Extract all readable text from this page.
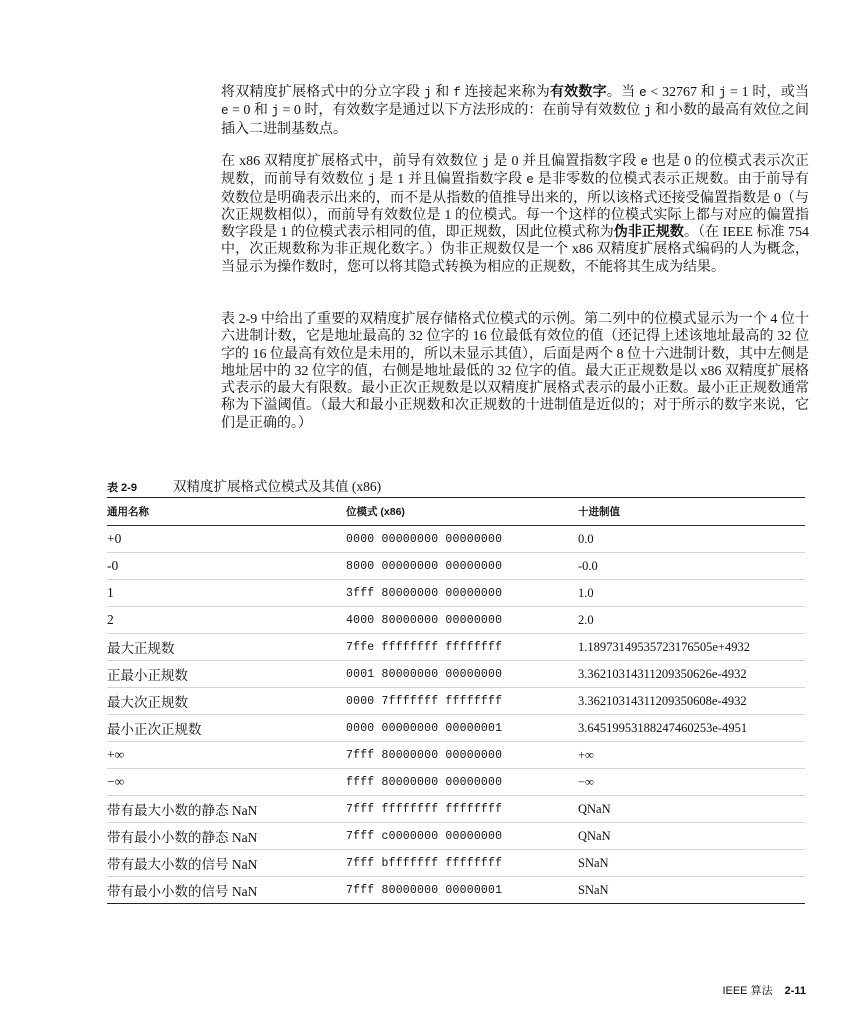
将双精度扩展格式中的分立字段 j 和 f 连接起来称为有效数字。当 e < 32767 和 j = 1 时，或当 e = 0 和 j = 0 时，有效数字是通过以下方法形成的：在前导有效数位 j 和小数的最高有效位之间插入二进制基数点。

在 x86 双精度扩展格式中，前导有效数位 j 是 0 并且偏置指数字段 e 也是 0 的位模式表示次正规数，而前导有效数位 j 是 1 并且偏置指数字段 e 是非零数的位模式表示正规数。由于前导有效数位是明确表示出来的，而不是从指数的值推导出来的，所以该格式还接受偏置指数是 0（与次正规数相似），而前导有效数位是 1 的位模式。每一个这样的位模式实际上都与对应的偏置指数字段是 1 的位模式表示相同的值，即正规数，因此位模式称为伪非正规数。（在 IEEE 标准 754 中，次正规数称为非正规化数字。）伪非正规数仅是一个 x86 双精度扩展格式编码的人为概念，当显示为操作数时，您可以将其隐式转换为相应的正规数，不能将其生成为结果。

表 2-9 中给出了重要的双精度扩展存储格式位模式的示例。第二列中的位模式显示为一个 4 位十六进制计数，它是地址最高的 32 位字的 16 位最低有效位的值（还记得上述该地址最高的 32 位字的 16 位最高有效位是未用的，所以未显示其值），后面是两个 8 位十六进制计数，其中左侧是地址居中的 32 位字的值，右侧是地址最低的 32 位字的值。最大正正规数是以 x86 双精度扩展格式表示的最大有限数。最小正次正规数是以双精度扩展格式表示的最小正数。最小正正规数通常称为下溢阈值。（最大和最小正规数和次正规数的十进制值是近似的；对于所示的数字来说，它们是正确的。）

表 2-9	双精度扩展格式位模式及其值 (x86)
通用名称	位模式 (x86)	十进制值
+0	0000 00000000 00000000	0.0
-0	8000 00000000 00000000	-0.0
1	3fff 80000000 00000000	1.0
2	4000 80000000 00000000	2.0
最大正规数	7ffe ffffffff ffffffff	1.18973149535723176505e+4932
正最小正规数	0001 80000000 00000000	3.36210314311209350626e-4932
最大次正规数	0000 7fffffff ffffffff	3.36210314311209350608e-4932
最小正次正规数	0000 00000000 00000001	3.64519953188247460253e-4951
+∞	7fff 80000000 00000000	+∞
−∞	ffff 80000000 00000000	−∞
带有最大小数的静态 NaN	7fff ffffffff ffffffff	QNaN
带有最小小数的静态 NaN	7fff c0000000 00000000	QNaN
带有最大小数的信号 NaN	7fff bfffffff ffffffff	SNaN
带有最小小数的信号 NaN	7fff 80000000 00000001	SNaN
IEEE 算法 2-11
